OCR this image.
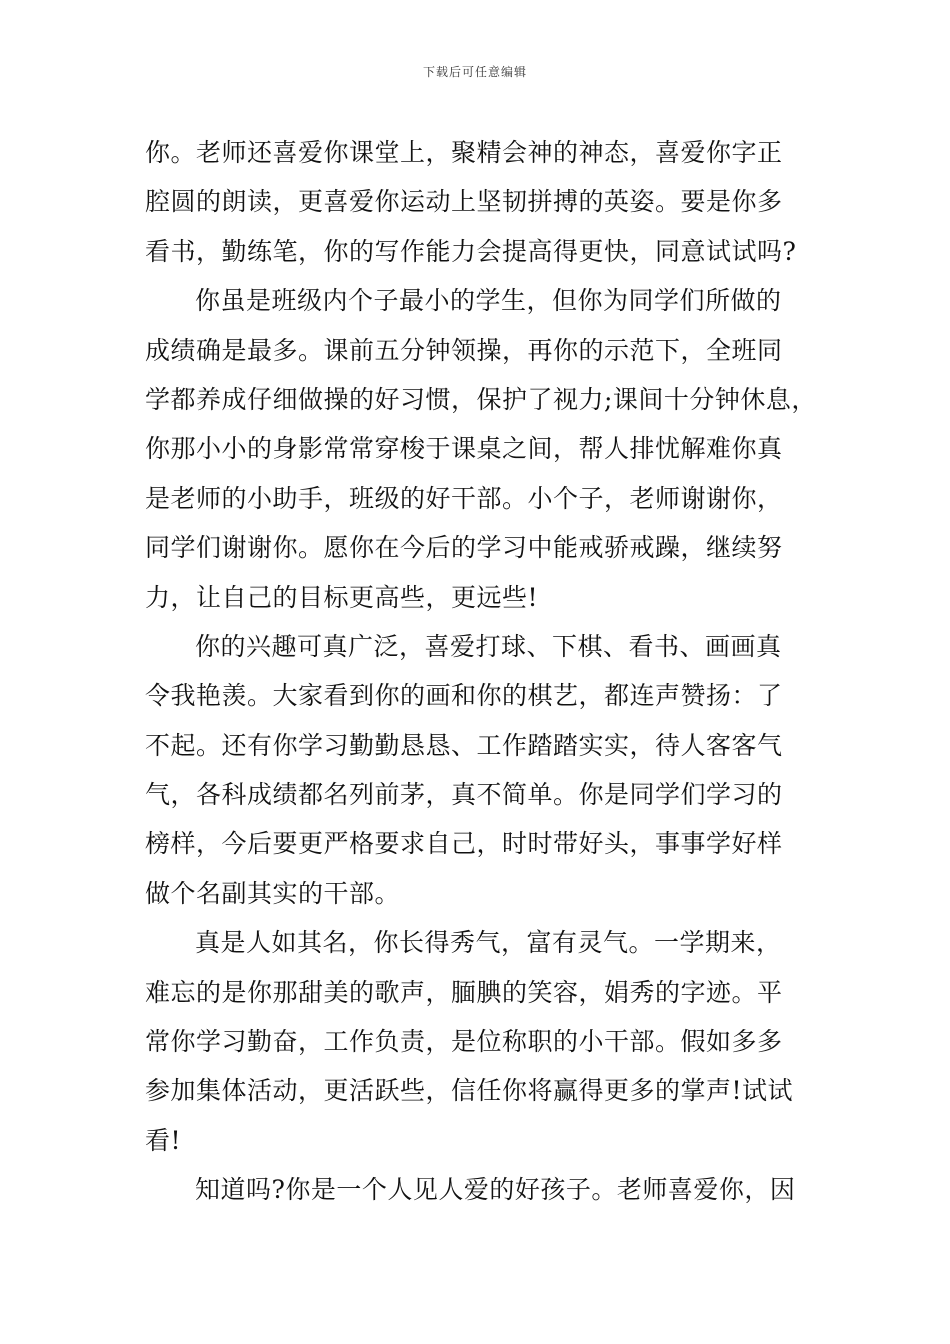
下载后可任意编辑
你。老师还喜爱你课堂上，聚精会神的神态，喜爱你字正
腔圆的朗读，更喜爱你运动上坚韧拼搏的英姿。要是你多
看书，勤练笔，你的写作能力会提高得更快，同意试试吗?
你虽是班级内个子最小的学生，但你为同学们所做的
成绩确是最多。课前五分钟领操，再你的示范下，全班同
学都养成仔细做操的好习惯，保护了视力;课间十分钟休息，
你那小小的身影常常穿梭于课桌之间，帮人排忧解难你真
是老师的小助手，班级的好干部。小个子，老师谢谢你，
同学们谢谢你。愿你在今后的学习中能戒骄戒躁，继续努
力，让自己的目标更高些，更远些!
你的兴趣可真广泛，喜爱打球、下棋、看书、画画真
令我艳羡。大家看到你的画和你的棋艺，都连声赞扬：了
不起。还有你学习勤勤恳恳、工作踏踏实实，待人客客气
气，各科成绩都名列前茅，真不简单。你是同学们学习的
榜样，今后要更严格要求自己，时时带好头，事事学好样
做个名副其实的干部。
真是人如其名，你长得秀气，富有灵气。一学期来，
难忘的是你那甜美的歌声，腼腆的笑容，娟秀的字迹。平
常你学习勤奋，工作负责，是位称职的小干部。假如多多
参加集体活动，更活跃些，信任你将赢得更多的掌声!试试
看!
知道吗?你是一个人见人爱的好孩子。老师喜爱你，因
